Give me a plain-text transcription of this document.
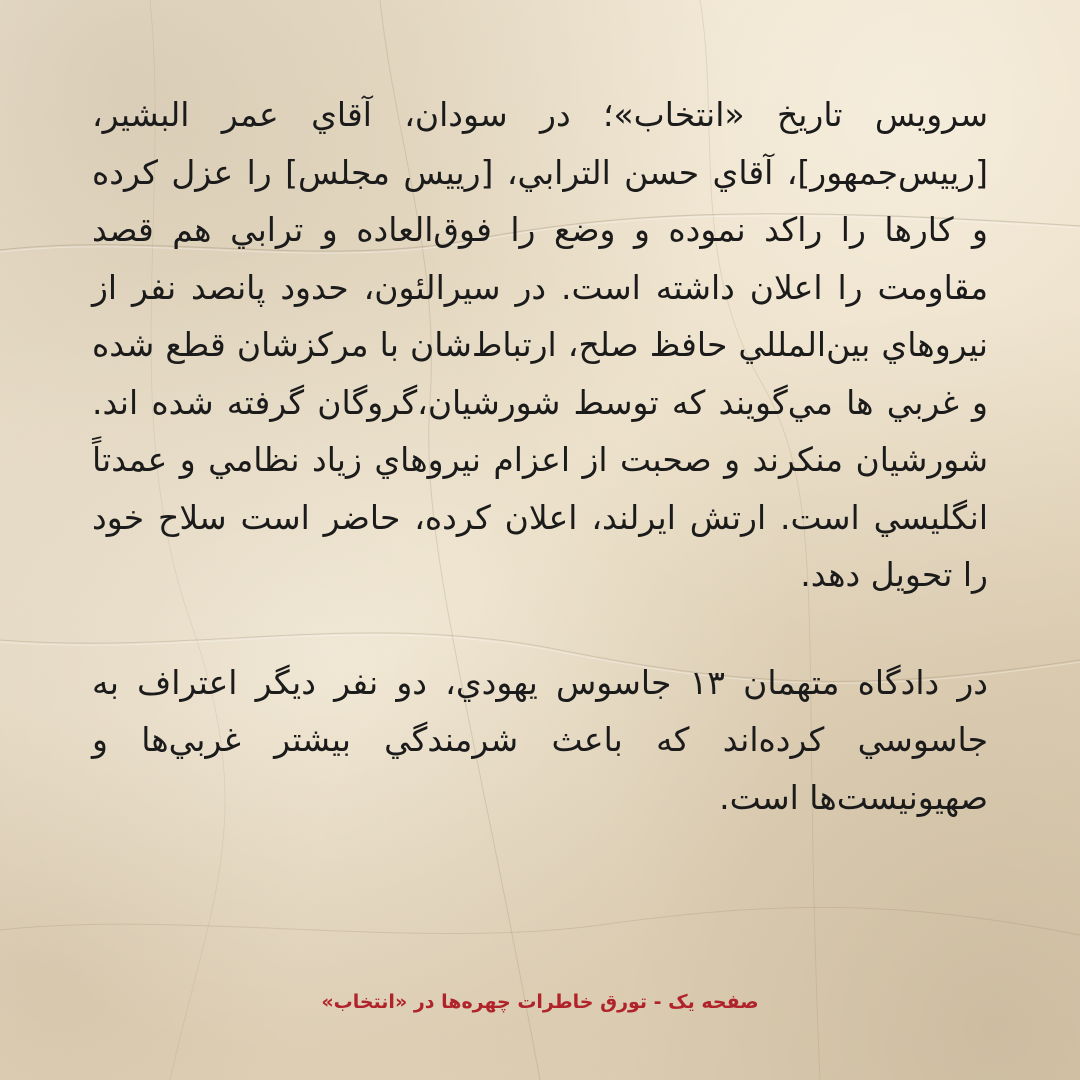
سرويس تاريخ «انتخاب»؛ در سودان، آقاي عمر البشير، [رييس‌جمهور]، آقاي حسن الترابي، [رييس مجلس] را عزل كرده و كارها را راكد نموده و وضع را فوق‌العاده و ترابي هم قصد مقاومت را اعلان داشته است. در سيرالئون، حدود پانصد نفر از نيروهاي بين‌المللي حافظ صلح، ارتباط‌شان با مركزشان قطع شده و غربي ها مي‌گويند كه توسط شورشيان،گروگان گرفته شده اند. شورشيان منكرند و صحبت از اعزام نيروهاي زياد نظامي و عمدتاً انگليسي است. ارتش ايرلند، اعلان كرده، حاضر است سلاح خود را تحويل دهد.

در دادگاه متهمان ١٣ جاسوس يهودي، دو نفر ديگر اعتراف به جاسوسي كرده‌اند كه باعث شرمندگي بيشتر غربي‌ها و صهيونيست‌ها است.

صفحه یک - تورق خاطرات چهره‌ها در «انتخاب»
